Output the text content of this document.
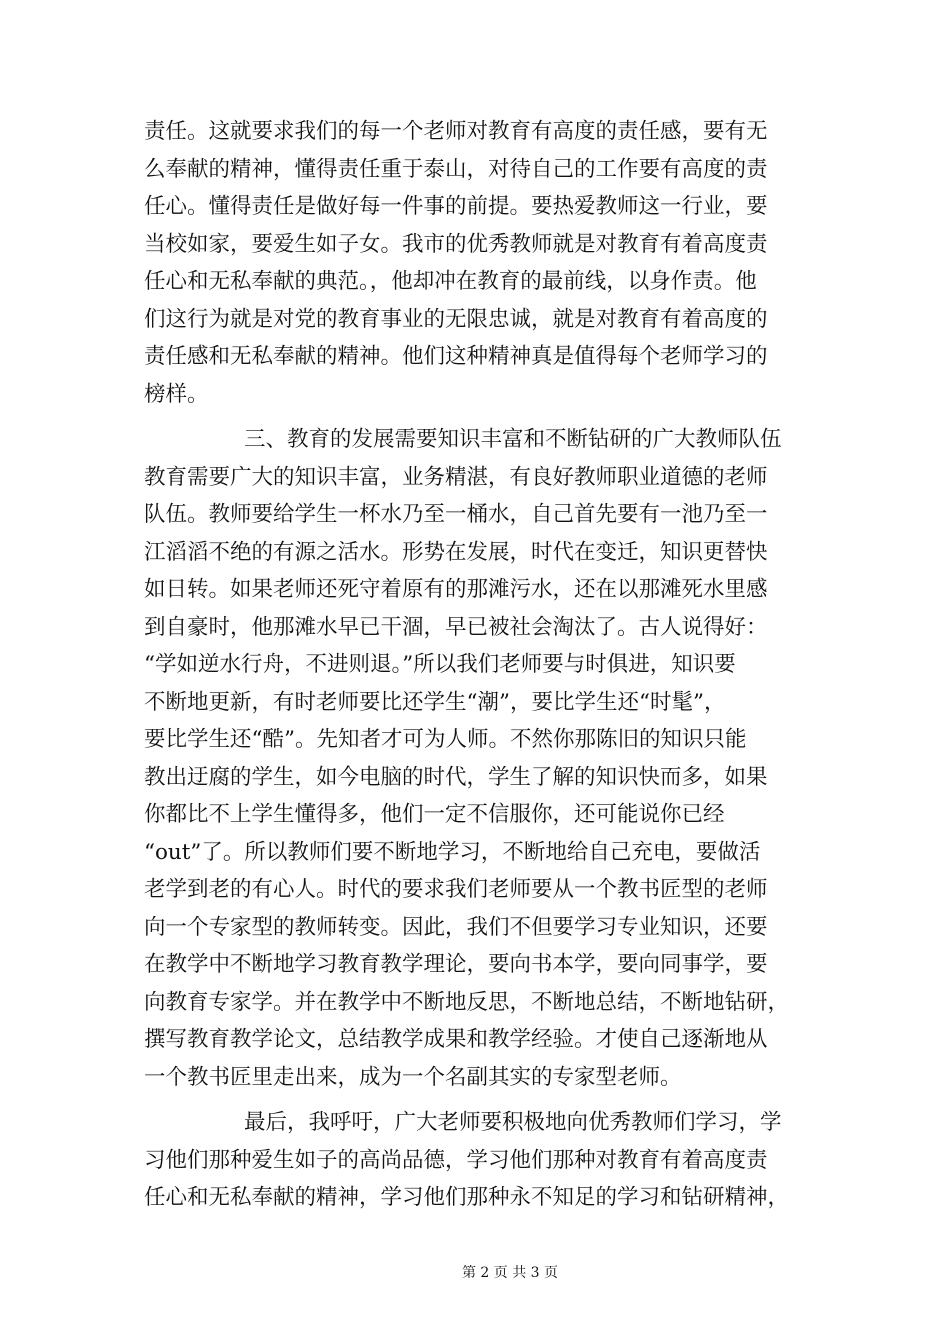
责任。这就要求我们的每一个老师对教育有高度的责任感，要有无
么奉献的精神，懂得责任重于泰山，对待自己的工作要有高度的责
任心。懂得责任是做好每一件事的前提。要热爱教师这一行业，要
当校如家，要爱生如子女。我市的优秀教师就是对教育有着高度责
任心和无私奉献的典范。，他却冲在教育的最前线，以身作责。他
们这行为就是对党的教育事业的无限忠诚，就是对教育有着高度的
责任感和无私奉献的精神。他们这种精神真是值得每个老师学习的
榜样。
三、教育的发展需要知识丰富和不断钻研的广大教师队伍
教育需要广大的知识丰富，业务精湛，有良好教师职业道德的老师
队伍。教师要给学生一杯水乃至一桶水，自己首先要有一池乃至一
江滔滔不绝的有源之活水。形势在发展，时代在变迁，知识更替快
如日转。如果老师还死守着原有的那滩污水，还在以那滩死水里感
到自豪时，他那滩水早已干涸，早已被社会淘汰了。古人说得好：
“学如逆水行舟，不进则退。”所以我们老师要与时俱进，知识要
不断地更新，有时老师要比还学生“潮”，要比学生还“时髦”，
要比学生还“酷”。先知者才可为人师。不然你那陈旧的知识只能
教出迂腐的学生，如今电脑的时代，学生了解的知识快而多，如果
你都比不上学生懂得多，他们一定不信服你，还可能说你已经
“out”了。所以教师们要不断地学习，不断地给自己充电，要做活
老学到老的有心人。时代的要求我们老师要从一个教书匠型的老师
向一个专家型的教师转变。因此，我们不但要学习专业知识，还要
在教学中不断地学习教育教学理论，要向书本学，要向同事学，要
向教育专家学。并在教学中不断地反思，不断地总结，不断地钻研，
撰写教育教学论文，总结教学成果和教学经验。才使自己逐渐地从
一个教书匠里走出来，成为一个名副其实的专家型老师。
最后，我呼吁，广大老师要积极地向优秀教师们学习，学
习他们那种爱生如子的高尚品德，学习他们那种对教育有着高度责
任心和无私奉献的精神，学习他们那种永不知足的学习和钻研精神，
第 2 页 共 3 页
